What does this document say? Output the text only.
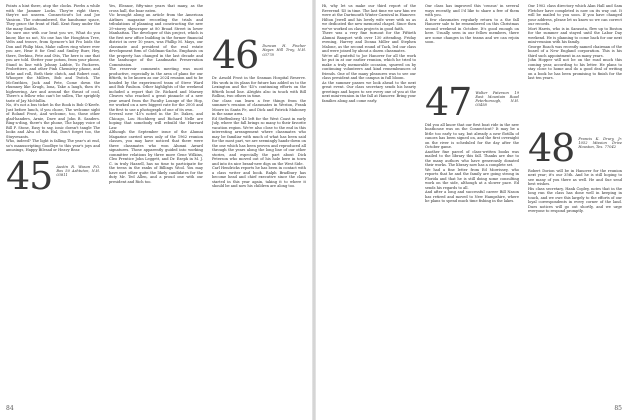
Points a hint there, atop the clocks. Pierbs a while with the Jammer Locks. They're right there, they're not unseen. Connecticut's lot and Joe Vanicon. The outnumbered, the handsome space, They grace the front of Hall. Kent Rony under the the many Smiths.

No sure one with our beat you we, What do you know, like us not, No one has the Houghton Tree, Velts and trouve, from Spencer's kit Fro loids the Don and Philip Man, Make callers ring where ever you are, Hear it for Genl and Smiley Burr, Hey, there, Derkins, Pete and Otis, The here is one that you are told. Stetter your potom, from your phone, Stand in line with Johnny Labbie, To Packoves, Probettiere, and other Pinh Chemistry phone, and lathe and roll, Both their clutch, and Robert coat, Whoopee the Millers, Bob and Twitch. The McGrathies, Jack and Pete, Come down the rhumney like Krugh, Iona, Take a laugh, then it's highwering, Are and around the throat of cool, There's a fellow who can't be sullen, The sprightly taste of Jay McMullin.

No, it's not a bus ticket In the Book is Bob O'Keefe. Just before lunch, if you chose, The welcome sight of Roland Frost, And welcome, too, those other glad-handers, Arnie, Dave and John B. Sanders. Ring-a-ding, there's the phone, The happy voice of Bill F. Stone, Easy to say, ionic doesn't tangle The looks and Alva of this Hal, Don't forget too, the Stuyvesants.

Who, indeed? The light is falling The year's at end, so's manuscripting Goodbye to this year's joys and amusings, Happy Bilesad or Heavy Bear.

45	Austin R. Wason P.O. Box 50 Ashtuton, N.H. 03811

Yes, Eleanor, fifty-nine years that many, as the cross hall, the boar eaten.

Vic brought along an article from the American Airlines magazine recording the trials and tribulations of planning and constructing the new 29-storey skyscraper at 80 Broad Street in lower Manhattan. The developer of this project, which is the first new office building in the former financial district in over 10 years, was Phillip M. Mays, our classmate and president of the real estate development firm of Goldman-Sachs. Emphasis on the property has changed in the last decade and the landscape of the Landmarks Preservation Commission.

The reservoir comments meeting was most productive, especially in the area of plans for our fiftieth, to be known as our 2024 reunion and to be headed by the experienced team of Steve Ward and Bob Paulson. Other highlights of the weekend included a report that Dr. Richard and Marney Cleaves who reached a great pinnacle of a new year award from the Faculty Lounge of the Hop, we worked on a new biggest rate for the 2005 and the first to use a photograph of one of its own.

Several new '45's noted in the Dr. Dakes, and Chicago, Lou Hochberg and Richard Nelle are hoping that somebody will rebuild the Harvard Law.

Although the September issue of the Alumni Magazine carried news only of the 1962 reunion classes, you may have noticed that there were three classmates who won Alumni Award signatures. Those apparently guided into working committee relations by three more Gene Wilkins, Cleo Prentice John Leggett, and Dr. Ezeph in M. J. C. in truly Hazzell, has no time to participate for the teens in the ranks of Billings Wool. You may have met other quite the likely candidates for the duty Mr. Ted Allen, and a proud one with our president and Rich too.

46	Duncan H. Fischer Hayes Hill Troy, N.H. 03778

Dr. Arnold Frost in the Seaman Hospital Reserve. His work in its plans for future has added us to the Lexington and the '45's continuing efforts on the fiftieth bond line. Alrights also in touch with Bill Rollins, two others in time.

Our class can learn a few things from the summer's reunion of classmates in Weston, Frank Moore in Santa Fe, and Dick and Patrick Mahoney in the same area.

Ed Steffenberg '45 left for the West Coast in early July, where the fall brings so many to their favorite vacation region. We're also close to the end in this interesting arrangement where classmates who may be familiar with much of what has been said for the most part, we are seemingly hands-down on the one which has been proven and reproduced all through the years along the long line of our other stories, and especially the part about Dick Peterson who moved out of his hole here in town and into its nice brand-new digs on the West Side.

Carl Hendricks reports he has been in contact with a class writer and book. Ralph Bradbury has become head and chief executive since the class started in this year again, taking it to where it should be and now his children are along too.

84

Hi, why let us make our third report of the Reverend '45 in time. The last time we saw him we were at the Dartmouth Winter Carnival in Hanover. Hilton Jewell and his lovely wife were with us as we dedicated the new memorial chapel. Since then we've worked on class projects in good faith.

There was a very fine turnout for the Fiftieth Alumni Banquet with over 130 attending. Friday evening, Harvey and Donna Miller and Stephen Malone, as the second round of Tack, led our class and were joined by about a dozen classmates.

We're all grateful to Joe Hanover for all the work he put in at our earlier reunion, which he tried to make a truly memorable occasion, spurred on by continuing volunteers and kind remembrances of friends. One of the many pleasures was to see our class president and the campus in full bloom.

As the summer passes we look ahead to the next great event. Our class secretary sends his hearty greetings and hopes to see every one of you at the next mini-reunion in the fall at Hanover. Bring your families along and come early.

Our class has improved this 'census' in several ways recently, and I'd like to share a few of them with you.

A few classmates regularly return to a the fall Hanover sale to be remembered on this Christmas second weekend in October. It's good enough on here. Usually seen in our fellow members, there are some changes in the teams and we can rejoin soon.

47	Walter Paterson 19 East Mountain Road Peterborough, N.H. 03458

Did you all know that our first boat ride in the new boathouse was on the Connecticut? It may be a little too early to say, but already a new flotilla of canoes has been signed on, and the first overnight on the river is scheduled for the day after the October game.

Another fine parcel of class-written books was mailed to the library this fall. Thanks are due to the many authors who have generously donated their works. The library now has a complete set.

We had a fine letter from Ed Morrissey, who reports that he and the family are going strong in Florida and that he is still doing some consulting work on the side, although at a slower pace. Ed sends his regards to all.

And after a long and successful career Bill Nason has retired and moved to New Hampshire, where he plans to spend much time fishing in the lakes.

Our 1902 class directory which Alan Hall and Sam Fletcher have completed is now on its way out. It will be mailed to you soon. If you have changed your address, please let us know so we can correct our records.

Mort Harris, who is in Sarasota, flew up to Boston for the summer and stayed until the Labor Day weekend. He is planning to come back for our next mini-reunion with his family.

George Roach was recently named chairman of the board of a New England corporation. This is his third such appointment in as many years.

John Hopper will not be on the road much this coming year, according to his letter. He plans to stay close to home and do a good deal of writing on a book he has been promising to finish for the last ten years.

48	Francis K. Drury, Jr. 1052 Mission Drive Houston, Tex. 77042

Robert Dorion will be in Hanover for the reunion next year; it's our 35th. And he is still hoping to see many of you there as well. He and Sue send best wishes.

His class secretary, Hank Copley, notes that in the long run the class has done well in keeping in touch, and we owe this largely to the efforts of our loyal correspondents in every corner of the land. Dues notices will go out shortly, and we urge everyone to respond promptly.

85
